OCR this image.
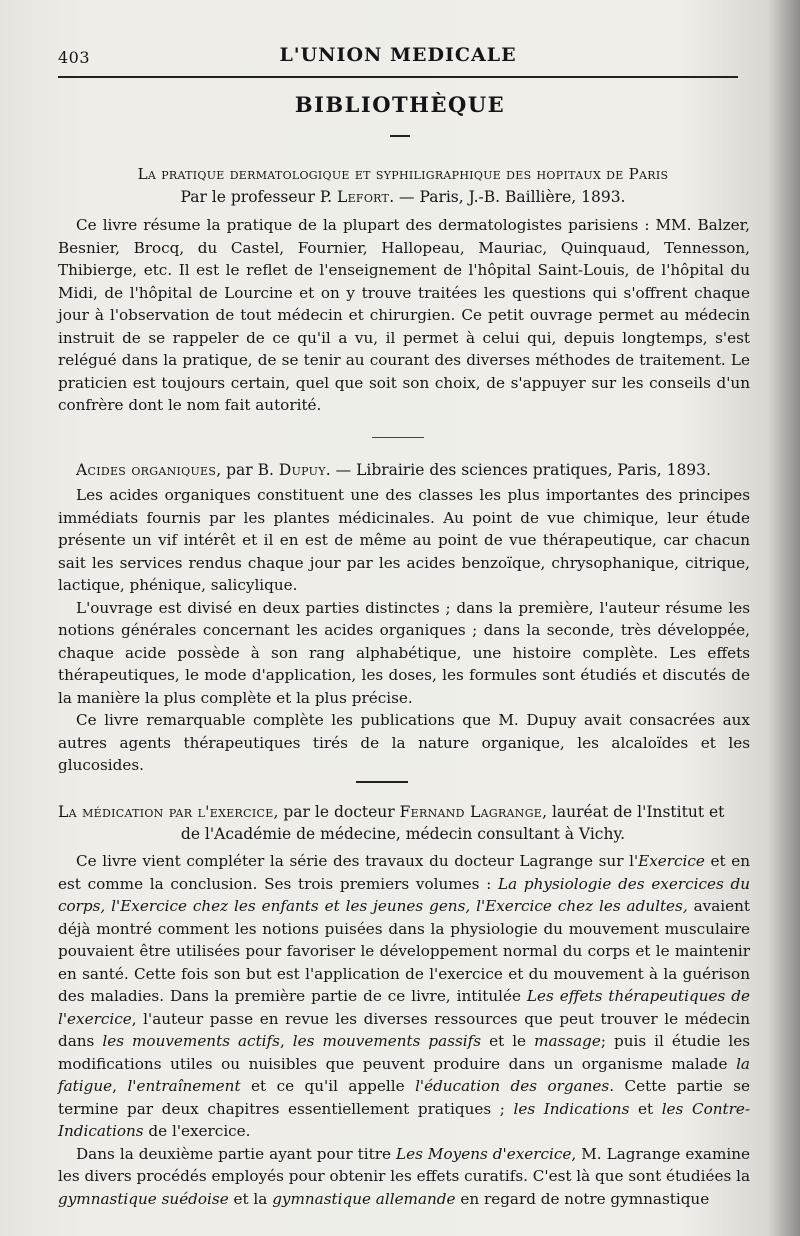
403	L'UNION MEDICALE
BIBLIOTHÈQUE
La pratique dermatologique et syphiligraphique des hopitaux de Paris
Par le professeur P. Lefort. — Paris, J.-B. Baillière, 1893.

Ce livre résume la pratique de la plupart des dermatologistes parisiens : MM. Balzer, Besnier, Brocq, du Castel, Fournier, Hallopeau, Mauriac, Quinquaud, Tennesson, Thibierge, etc. Il est le reflet de l'enseignement de l'hôpital Saint-Louis, de l'hôpital du Midi, de l'hôpital de Lourcine et on y trouve traitées les questions qui s'offrent chaque jour à l'observation de tout médecin et chirurgien. Ce petit ouvrage permet au médecin instruit de se rappeler de ce qu'il a vu, il permet à celui qui, depuis longtemps, s'est relégué dans la pratique, de se tenir au courant des diverses méthodes de traitement. Le praticien est toujours certain, quel que soit son choix, de s'appuyer sur les conseils d'un confrère dont le nom fait autorité.

Acides organiques, par B. Dupuy. — Librairie des sciences pratiques, Paris, 1893.

Les acides organiques constituent une des classes les plus importantes des principes immédiats fournis par les plantes médicinales. Au point de vue chimique, leur étude présente un vif intérêt et il en est de même au point de vue thérapeutique, car chacun sait les services rendus chaque jour par les acides benzoïque, chrysophanique, citrique, lactique, phénique, salicylique.

L'ouvrage est divisé en deux parties distinctes ; dans la première, l'auteur résume les notions générales concernant les acides organiques ; dans la seconde, très développée, chaque acide possède à son rang alphabétique, une histoire complète. Les effets thérapeutiques, le mode d'application, les doses, les formules sont étudiés et discutés de la manière la plus complète et la plus précise.

Ce livre remarquable complète les publications que M. Dupuy avait consacrées aux autres agents thérapeutiques tirés de la nature organique, les alcaloïdes et les glucosides.

La médication par l'exercice, par le docteur Fernand Lagrange, lauréat de l'Institut et
de l'Académie de médecine, médecin consultant à Vichy.

Ce livre vient compléter la série des travaux du docteur Lagrange sur l'Exercice et en est comme la conclusion. Ses trois premiers volumes : La physiologie des exercices du corps, l'Exercice chez les enfants et les jeunes gens, l'Exercice chez les adultes, avaient déjà montré comment les notions puisées dans la physiologie du mouvement musculaire pouvaient être utilisées pour favoriser le développement normal du corps et le maintenir en santé. Cette fois son but est l'application de l'exercice et du mouvement à la guérison des maladies. Dans la première partie de ce livre, intitulée Les effets thérapeutiques de l'exercice, l'auteur passe en revue les diverses ressources que peut trouver le médecin dans les mouvements actifs, les mouvements passifs et le massage; puis il étudie les modifications utiles ou nuisibles que peuvent produire dans un organisme malade la fatigue, l'entraînement et ce qu'il appelle l'éducation des organes. Cette partie se termine par deux chapitres essentiellement pratiques ; les Indications et les Contre-Indications de l'exercice.

Dans la deuxième partie ayant pour titre Les Moyens d'exercice, M. Lagrange examine les divers procédés employés pour obtenir les effets curatifs. C'est là que sont étudiées la gymnastique suédoise et la gymnastique allemande en regard de notre gymnastique
